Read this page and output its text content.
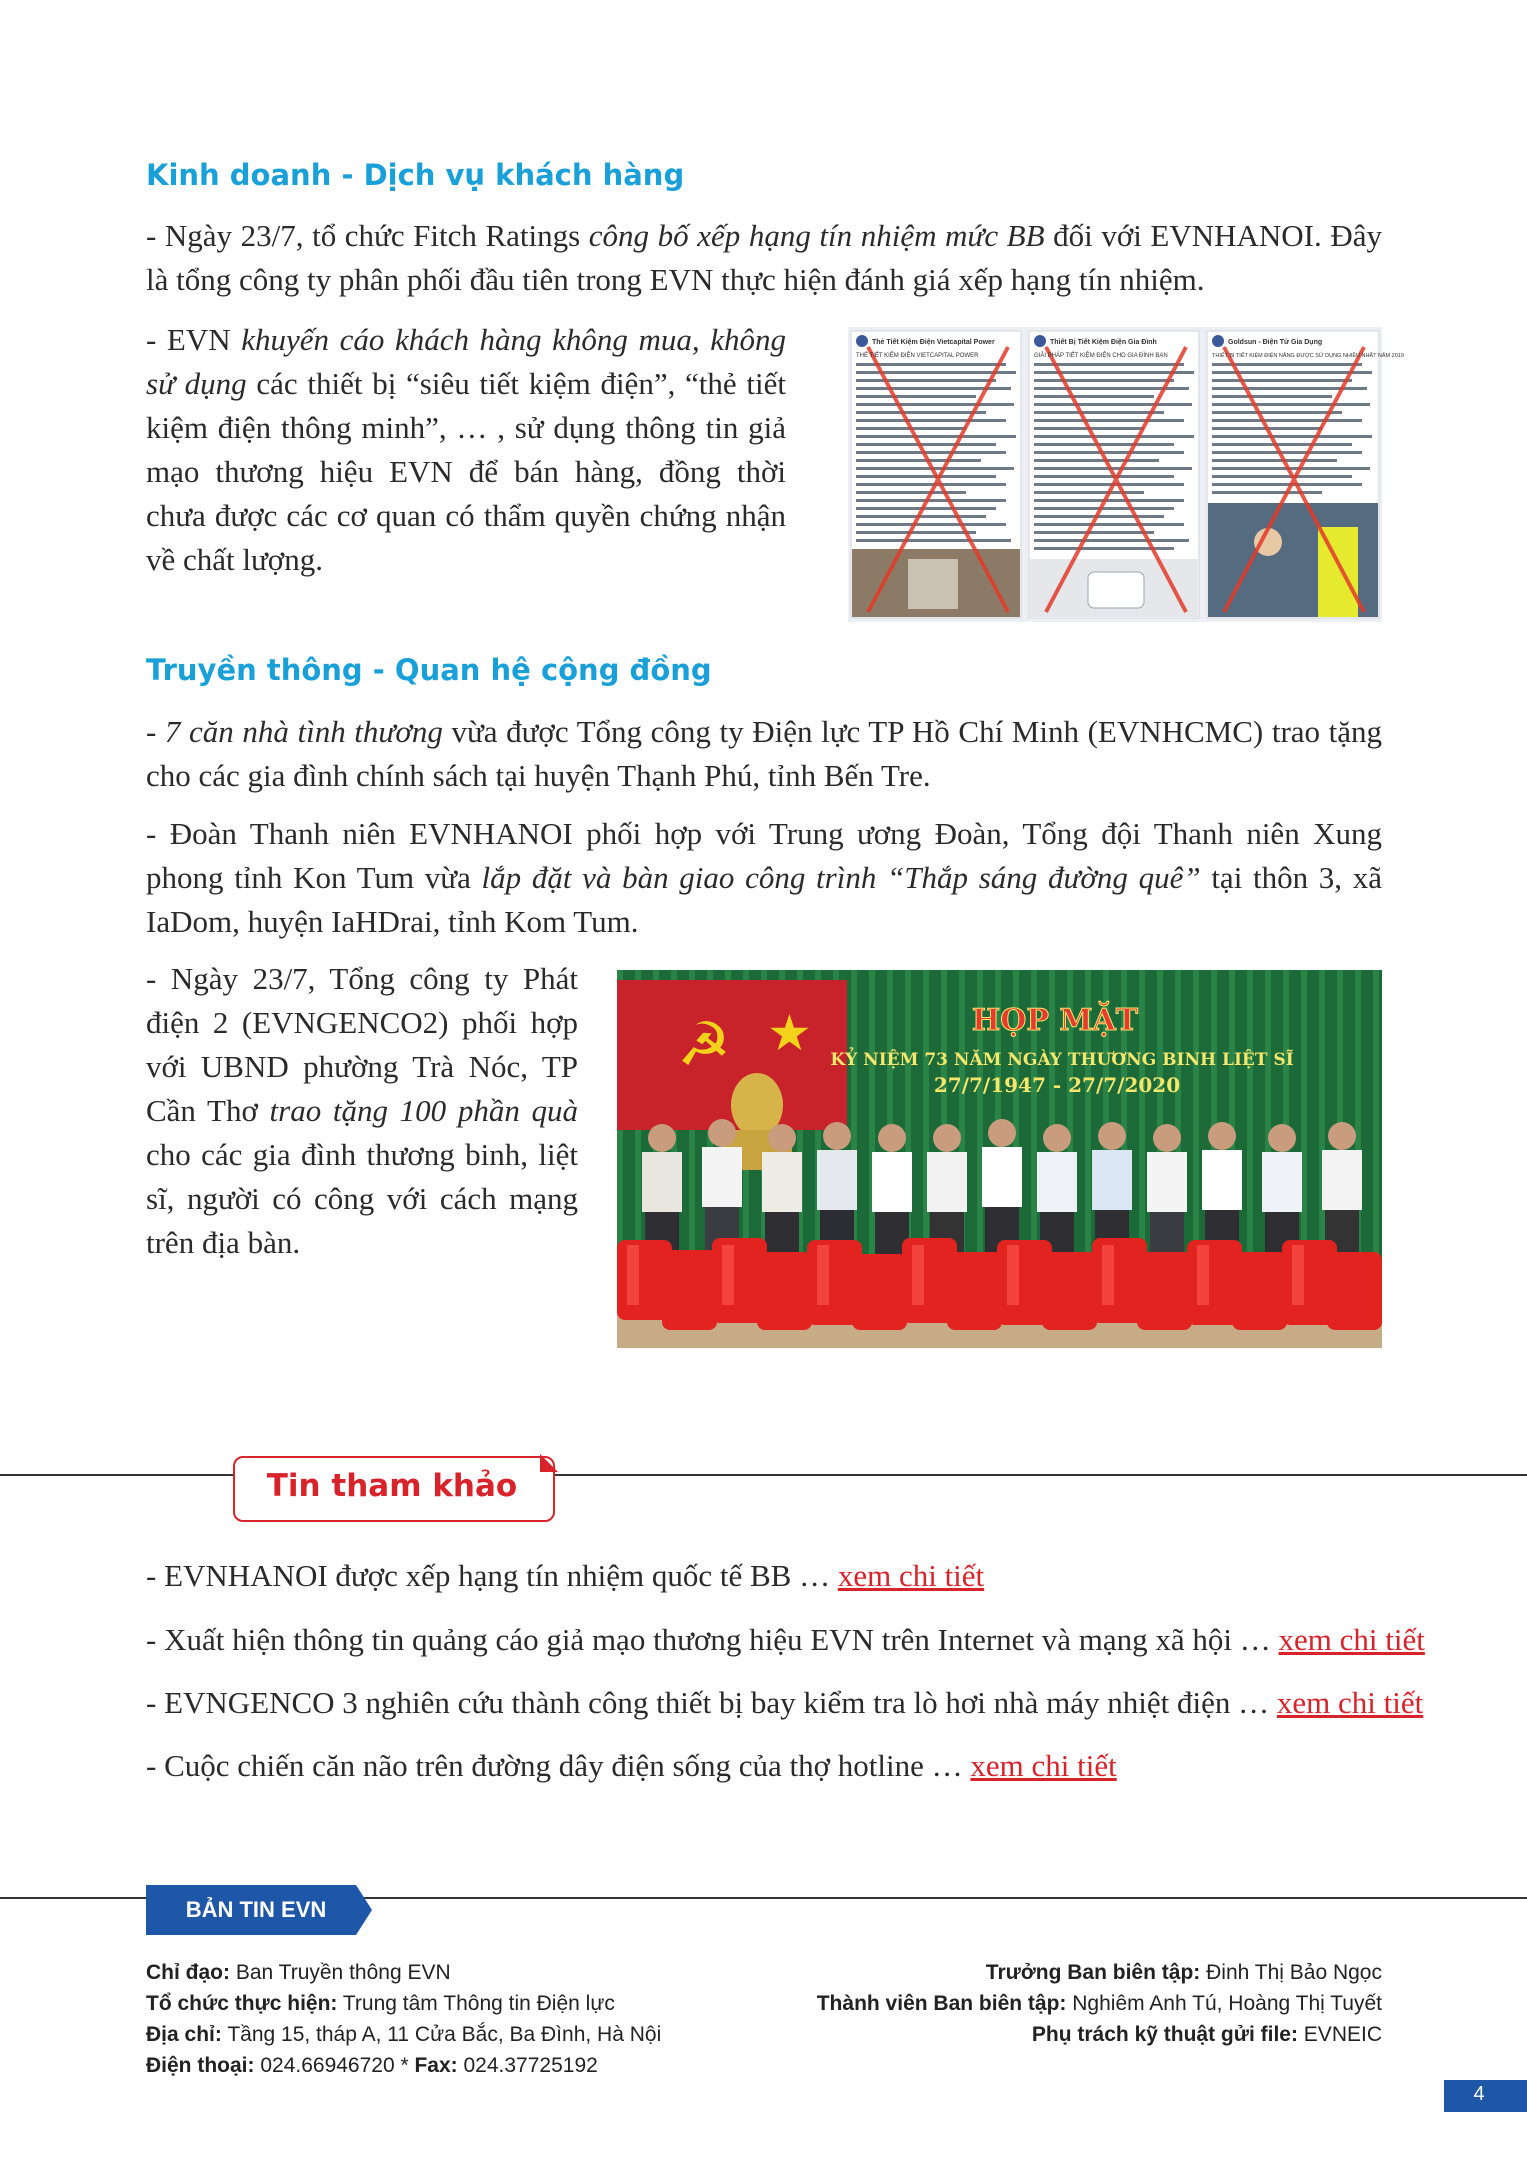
Kinh doanh - Dịch vụ khách hàng
- Ngày 23/7, tổ chức Fitch Ratings công bố xếp hạng tín nhiệm mức BB đối với EVNHANOI. Đây là tổng công ty phân phối đầu tiên trong EVN thực hiện đánh giá xếp hạng tín nhiệm.
- EVN khuyến cáo khách hàng không mua, không sử dụng các thiết bị “siêu tiết kiệm điện”, “thẻ tiết kiệm điện thông minh”, … , sử dụng thông tin giả mạo thương hiệu EVN để bán hàng, đồng thời chưa được các cơ quan có thẩm quyền chứng nhận về chất lượng.
Thẻ Tiết Kiệm Điện Vietcapital Power
THẺ TIẾT KIỆM ĐIỆN VIETCAPITAL POWER
Thiết Bị Tiết Kiệm Điện Gia Đình
GIẢI PHÁP TIẾT KIỆM ĐIỆN CHO GIA ĐÌNH BẠN
Goldsun - Điện Tử Gia Dụng
THIẾT BỊ TIẾT KIỆM ĐIỆN NĂNG ĐƯỢC SỬ DỤNG NHIỀU NHẤT NĂM 2019
Truyền thông - Quan hệ cộng đồng
- 7 căn nhà tình thương vừa được Tổng công ty Điện lực TP Hồ Chí Minh (EVNHCMC) trao tặng cho các gia đình chính sách tại huyện Thạnh Phú, tỉnh Bến Tre.
- Đoàn Thanh niên EVNHANOI phối hợp với Trung ương Đoàn, Tổng đội Thanh niên Xung phong tỉnh Kon Tum vừa lắp đặt và bàn giao công trình “Thắp sáng đường quê” tại thôn 3, xã IaDom, huyện IaHDrai, tỉnh Kom Tum.
- Ngày 23/7, Tổng công ty Phát điện 2 (EVNGENCO2) phối hợp với UBND phường Trà Nóc, TP Cần Thơ trao tặng 100 phần quà cho các gia đình thương binh, liệt sĩ, người có công với cách mạng trên địa bàn.
☭ ★	HỌP MẶT
KỶ NIỆM 73 NĂM NGÀY THƯƠNG BINH LIỆT SĨ
27/7/1947 - 27/7/2020
Tin tham khảo
- EVNHANOI được xếp hạng tín nhiệm quốc tế BB … xem chi tiết
- Xuất hiện thông tin quảng cáo giả mạo thương hiệu EVN trên Internet và mạng xã hội … xem chi tiết
- EVNGENCO 3 nghiên cứu thành công thiết bị bay kiểm tra lò hơi nhà máy nhiệt điện … xem chi tiết
- Cuộc chiến căn não trên đường dây điện sống của thợ hotline … xem chi tiết
BẢN TIN EVN
Chỉ đạo: Ban Truyền thông EVN
Tổ chức thực hiện: Trung tâm Thông tin Điện lực
Địa chỉ: Tầng 15, tháp A, 11 Cửa Bắc, Ba Đình, Hà Nội
Điện thoại: 024.66946720 * Fax: 024.37725192
Trưởng Ban biên tập: Đinh Thị Bảo Ngọc
Thành viên Ban biên tập: Nghiêm Anh Tú, Hoàng Thị Tuyết
Phụ trách kỹ thuật gửi file: EVNEIC
4
